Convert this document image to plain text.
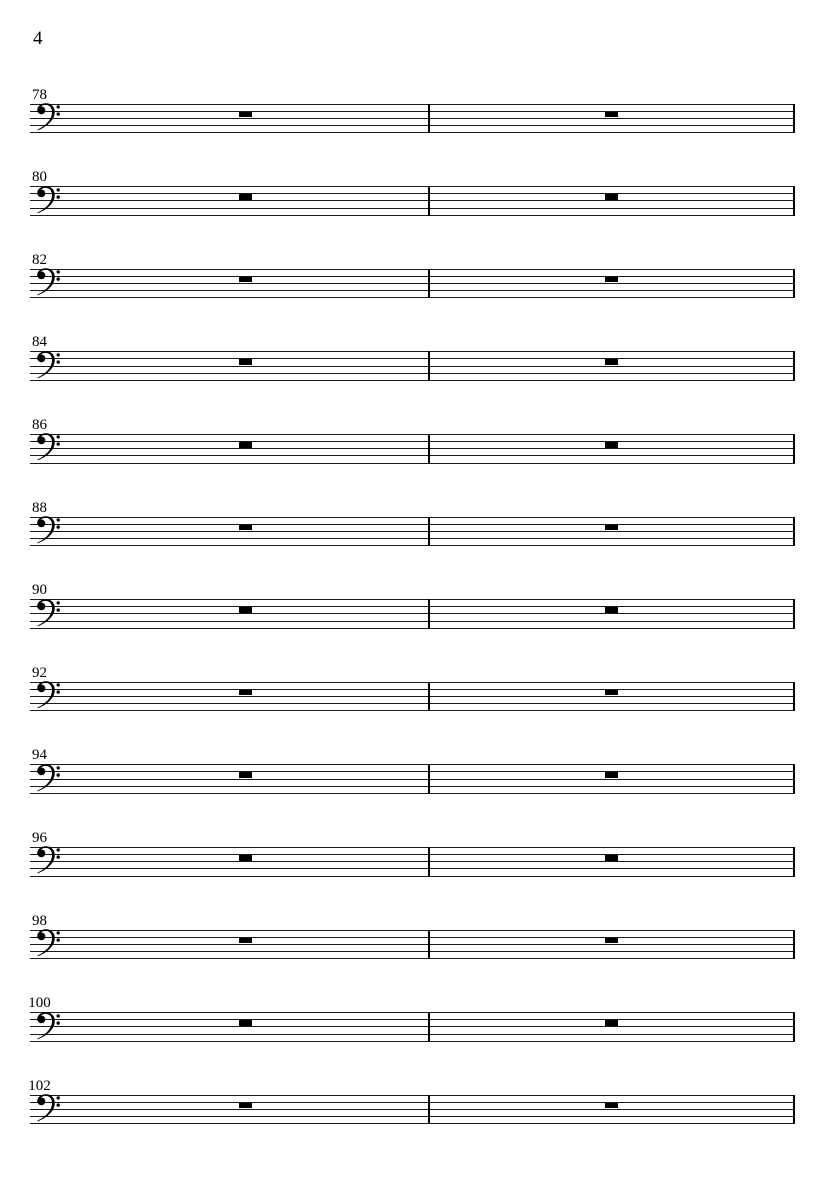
4
78
80
82
84
86
88
90
92
94
96
98
100
102
